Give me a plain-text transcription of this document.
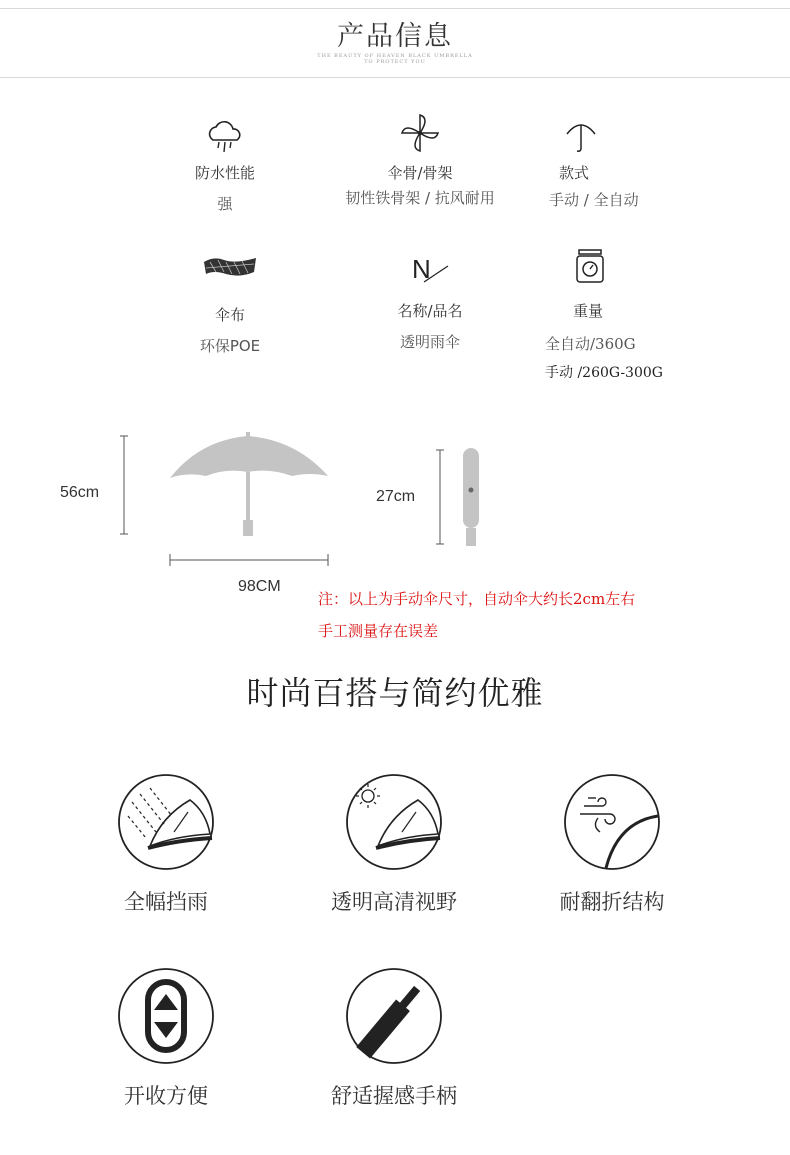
产品信息
THE BEAUTY OF HEAVEN BLACK UMBRELLA
TO PROTECT YOU
防水性能
强
伞骨/骨架
韧性铁骨架 / 抗风耐用
款式
手动 / 全自动
伞布
环保POE
N
名称/品名
透明雨伞
重量
全自动/360G
手动 /260G-300G
56cm
98CM
27cm
注：以上为手动伞尺寸，自动伞大约长2cm左右
手工测量存在误差
时尚百搭与简约优雅
全幅挡雨	透明高清视野	耐翻折结构
开收方便	舒适握感手柄
